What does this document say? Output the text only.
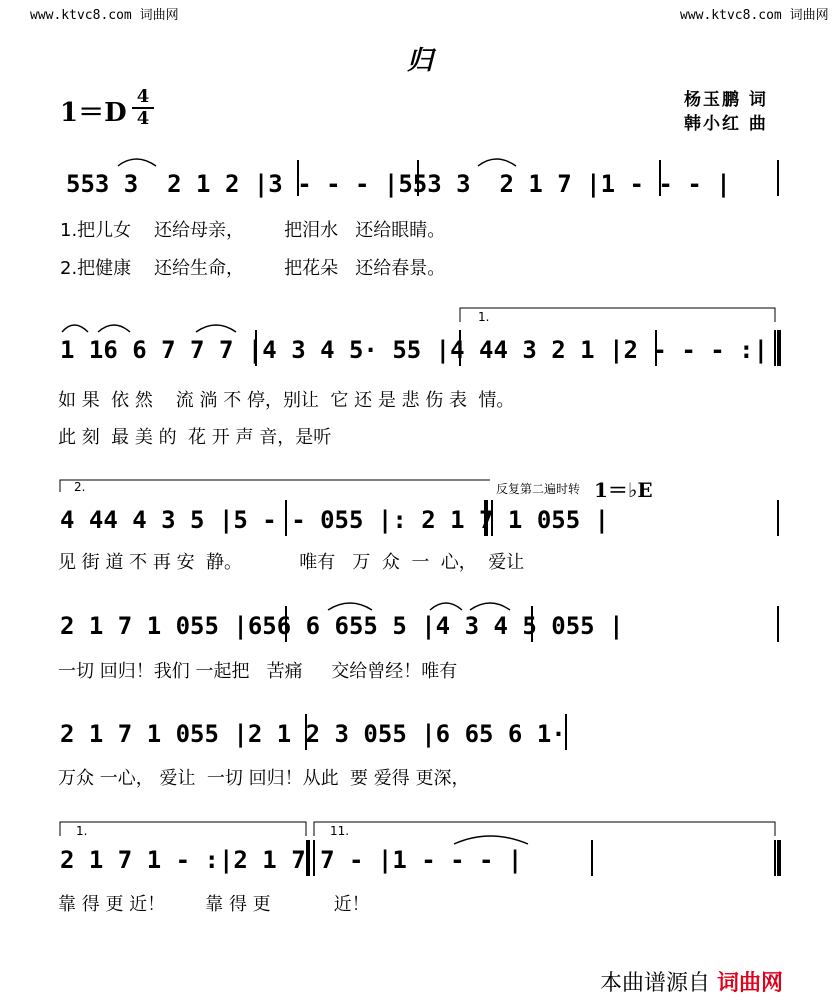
www.ktvc8.com 词曲网	www.ktvc8.com 词曲网
归
1＝D
4
4
杨玉鹏 词
韩小红 曲
553 3  2 1 2 |3 - - - |553 3  2 1 7 |1 - - - |
1.把儿女    还给母亲，       把泪水   还给眼睛。
2.把健康    还给生命，       把花朵   还给春景。
1 16 6 7 7 7 |4 3 4 5· 55 |4 44 3 2 1 |2 - - - :|
如 果  依 然    流 淌 不 停，别让  它 还 是 悲 伤 表  情。
此 刻  最 美 的  花 开 声 音，是听
1.
2.	反复第二遍时转 1＝♭E
4 44 4 3 5 |5 - - 055 |: 2 1 7 1 055 |
见 街 道 不 再 安  静。          唯有   万  众  一  心，  爱让
2 1 7 1 055 |656 6 655 5 |4 3 4 5 055 |
一切 回归！我们 一起把   苦痛     交给曾经！唯有
2 1 7 1 055 |2 1 2 3 055 |6 65 6 1·
万众 一心， 爱让  一切 回归！从此  要 爱得 更深，
1.	11.
2 1 7 1 - :|2 1 7 7 - |1 - - - |
靠 得 更 近！       靠 得 更           近！
本曲谱源自 词曲网
